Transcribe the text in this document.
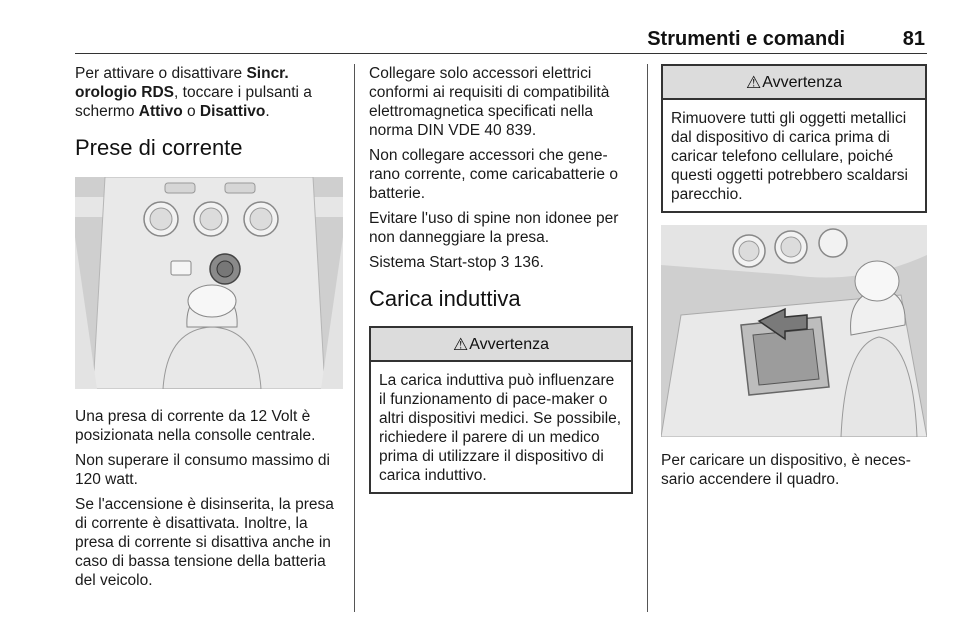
Strumenti e comandi	81

Per attivare o disattivare Sincr. orologio RDS, toccare i pulsanti a schermo Attivo o Disattivo.

Prese di corrente

Una presa di corrente da 12 Volt è posizionata nella consolle centrale.

Non superare il consumo massimo di 120 watt.

Se l'accensione è disinserita, la presa di corrente è disattivata. Inoltre, la presa di corrente si disattiva anche in caso di bassa tensione della batteria del veicolo.

Collegare solo accessori elettrici conformi ai requisiti di compatibilità elettromagnetica specificati nella norma DIN VDE 40 839.

Non collegare accessori che generano corrente, come caricabatterie o batterie.

Evitare l'uso di spine non idonee per non danneggiare la presa.

Sistema Start-stop 3 136.

Carica induttiva
⚠ Avvertenza
La carica induttiva può influenzare il funzionamento di pace-maker o altri dispositivi medici. Se possibile, richiedere il parere di un medico prima di utilizzare il dispositivo di carica induttivo.
⚠ Avvertenza
Rimuovere tutti gli oggetti metallici dal dispositivo di carica prima di caricar telefono cellulare, poiché questi oggetti potrebbero scaldarsi parecchio.

Per caricare un dispositivo, è necessario accendere il quadro.
